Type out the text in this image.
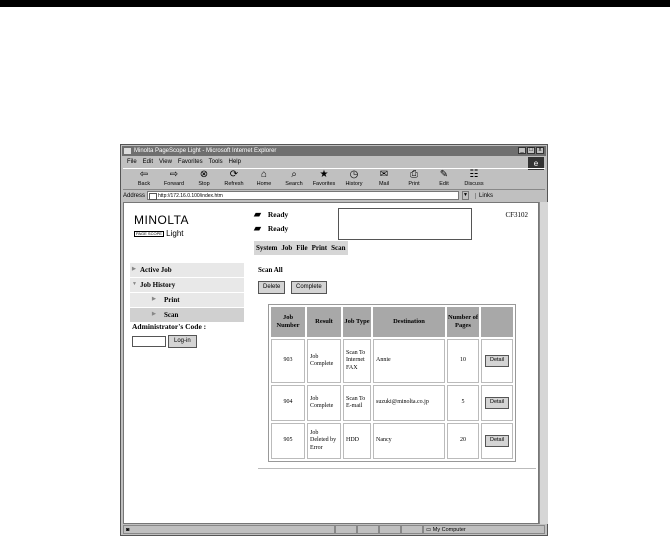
Minolta PageScope Light - Microsoft Internet Explorer	_ □ x
File Edit View Favorites Tools Help	e
⇦
Back
⇨
Forward
⊗
Stop
⟳
Refresh
⌂
Home
⌕
Search
★
Favorites
◷
History
✉
Mail
⎙
Print
✎
Edit
☷
Discuss
Address	http://172.16.0.100/index.htm	▼	Links
MINOLTA
PAGE SCOPE Light
▶ Active Job
▼ Job History
▶ Print
▶ Scan
Administrator's Code :
Log-in
▰ Ready
▰ Ready
CF3102
System Job File Print Scan
Scan All
Delete	Complete
Job Number	Result	Job Type	Destination	Number of Pages	
903	Job Complete	Scan To Internet FAX	Annie	10	Detail
904	Job Complete	Scan To E-mail	suzuki@minolta.co.jp	5	Detail
905	Job Deleted by Error	HDD	Nancy	20	Detail
◙	▭ My Computer
